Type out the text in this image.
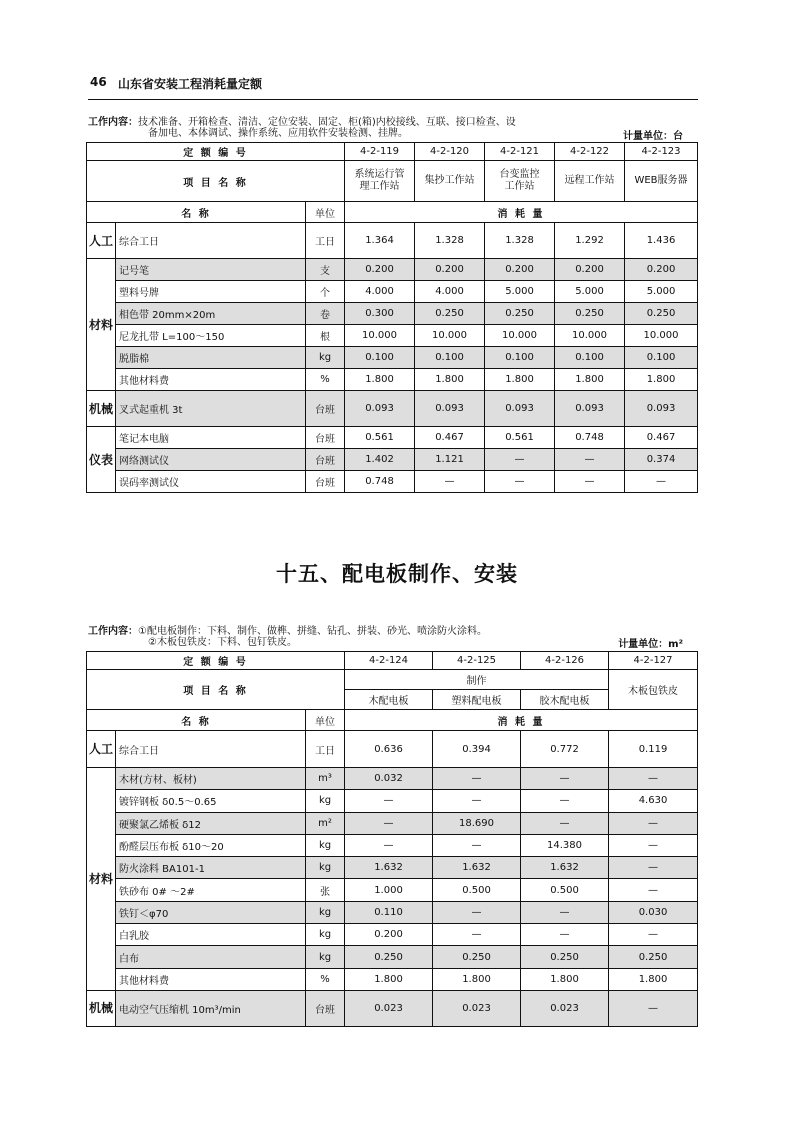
46 山东省安装工程消耗量定额
工作内容：技术准备、开箱检查、清洁、定位安装、固定、柜(箱)内校接线、互联、接口检查、设
备加电、本体调试、操作系统、应用软件安装检测、挂牌。	计量单位：台
定 额 编 号			4-2-119	4-2-120	4-2-121	4-2-122	4-2-123
项 目 名 称			系统运行管理工作站	集抄工作站	台变监控工作站	远程工作站	WEB服务器
名 称		单位	消 耗 量				
人工	综合工日	工日	1.364	1.328	1.328	1.292	1.436
材料	记号笔	支	0.200	0.200	0.200	0.200	0.200
	塑料号牌	个	4.000	4.000	5.000	5.000	5.000
	相色带 20mm×20m	卷	0.300	0.250	0.250	0.250	0.250
	尼龙扎带 L=100～150	根	10.000	10.000	10.000	10.000	10.000
	脱脂棉	kg	0.100	0.100	0.100	0.100	0.100
	其他材料费	%	1.800	1.800	1.800	1.800	1.800
机械	叉式起重机 3t	台班	0.093	0.093	0.093	0.093	0.093
仪表	笔记本电脑	台班	0.561	0.467	0.561	0.748	0.467
	网络测试仪	台班	1.402	1.121	—	—	0.374
	误码率测试仪	台班	0.748	—	—	—	—
十五、配电板制作、安装
工作内容：①配电板制作：下料、制作、做榫、拼缝、钻孔、拼装、砂光、喷涂防火涂料。
②木板包铁皮：下料、包钉铁皮。	计量单位：m²
定 额 编 号			4-2-124	4-2-125	4-2-126	4-2-127
项 目 名 称			制作			木板包铁皮
			木配电板	塑料配电板	胶木配电板	
名 称		单位	消 耗 量			
人工	综合工日	工日	0.636	0.394	0.772	0.119
材料	木材(方材、板材)	m³	0.032	—	—	—
	镀锌钢板 δ0.5～0.65	kg	—	—	—	4.630
	硬聚氯乙烯板 δ12	m²	—	18.690	—	—
	酚醛层压布板 δ10～20	kg	—	—	14.380	—
	防火涂料 BA101-1	kg	1.632	1.632	1.632	—
	铁砂布 0# ～2#	张	1.000	0.500	0.500	—
	铁钉＜φ70	kg	0.110	—	—	0.030
	白乳胶	kg	0.200	—	—	—
	白布	kg	0.250	0.250	0.250	0.250
	其他材料费	%	1.800	1.800	1.800	1.800
机械	电动空气压缩机 10m³/min	台班	0.023	0.023	0.023	—
